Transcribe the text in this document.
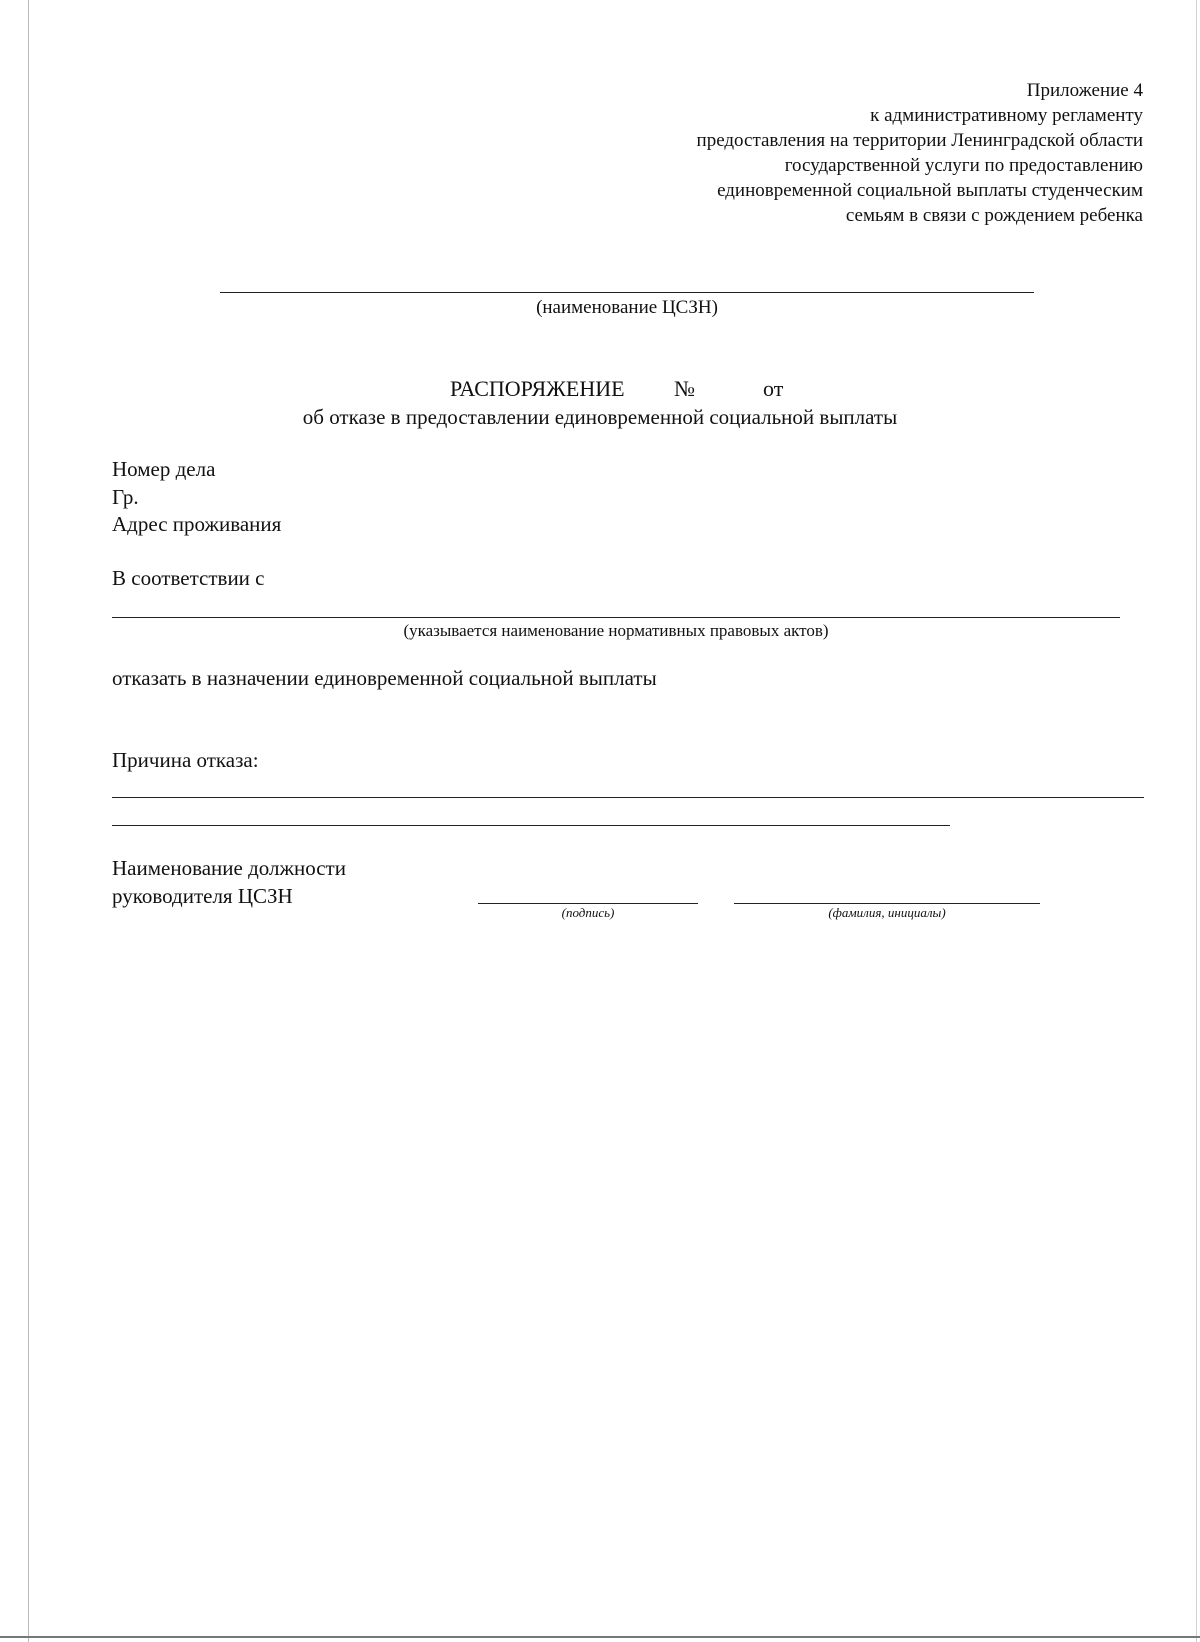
Приложение 4
к административному регламенту
предоставления на территории Ленинградской области
государственной услуги по предоставлению
единовременной социальной выплаты студенческим
семьям в связи с рождением ребенка
(наименование ЦСЗН)
РАСПОРЯЖЕНИЕ №	от
об отказе в предоставлении единовременной социальной выплаты
Номер дела
Гр.
Адрес проживания
В соответствии с
(указывается наименование нормативных правовых актов)
отказать в назначении единовременной социальной выплаты
Причина отказа:
Наименование должности
руководителя ЦСЗН
(подпись)	(фамилия, инициалы)
